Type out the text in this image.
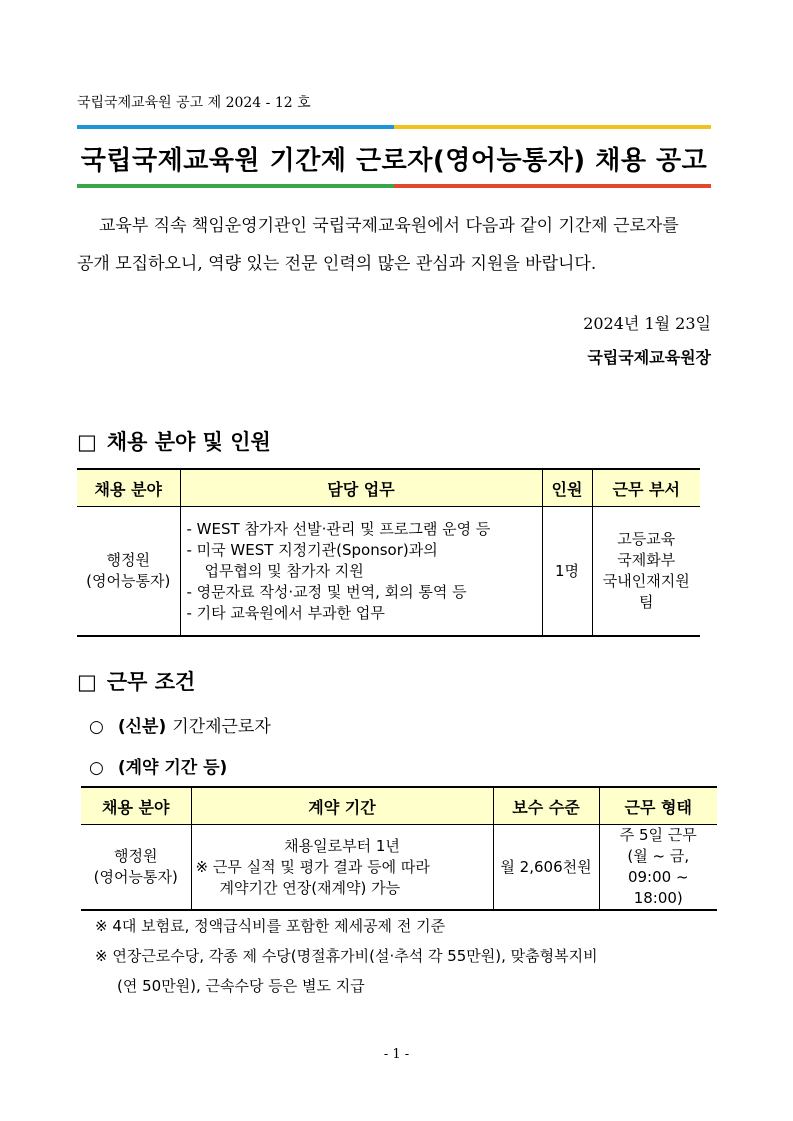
국립국제교육원 공고 제 2024 - 12 호
국립국제교육원 기간제 근로자(영어능통자) 채용 공고

교육부 직속 책임운영기관인 국립국제교육원에서 다음과 같이 기간제 근로자를

공개 모집하오니, 역량 있는 전문 인력의 많은 관심과 지원을 바랍니다.

2024년 1월 23일
국립국제교육원장
□ 채용 분야 및 인원
채용 분야	담당 업무	인원	근무 부서

행정원
(영어능통자)	- WEST 참가자 선발·관리 및 프로그램 운영 등
- 미국 WEST 지정기관(Sponsor)과의
업무협의 및 참가자 지원
- 영문자료 작성·교정 및 번역, 회의 통역 등
- 기타 교육원에서 부과한 업무	1명	고등교육
국제화부
국내인재지원팀
□ 근무 조건
○ (신분) 기간제근로자
○ (계약 기간 등)
채용 분야	계약 기간	보수 수준	근무 형태

행정원
(영어능통자)	채용일로부터 1년
※ 근무 실적 및 평가 결과 등에 따라
계약기간 연장(재계약) 가능	월 2,606천원	주 5일 근무
(월 ~ 금,
09:00 ~ 18:00)
※ 4대 보험료, 정액급식비를 포함한 제세공제 전 기준
※ 연장근로수당, 각종 제 수당(명절휴가비(설·추석 각 55만원), 맞춤형복지비
(연 50만원), 근속수당 등은 별도 지급
- 1 -
